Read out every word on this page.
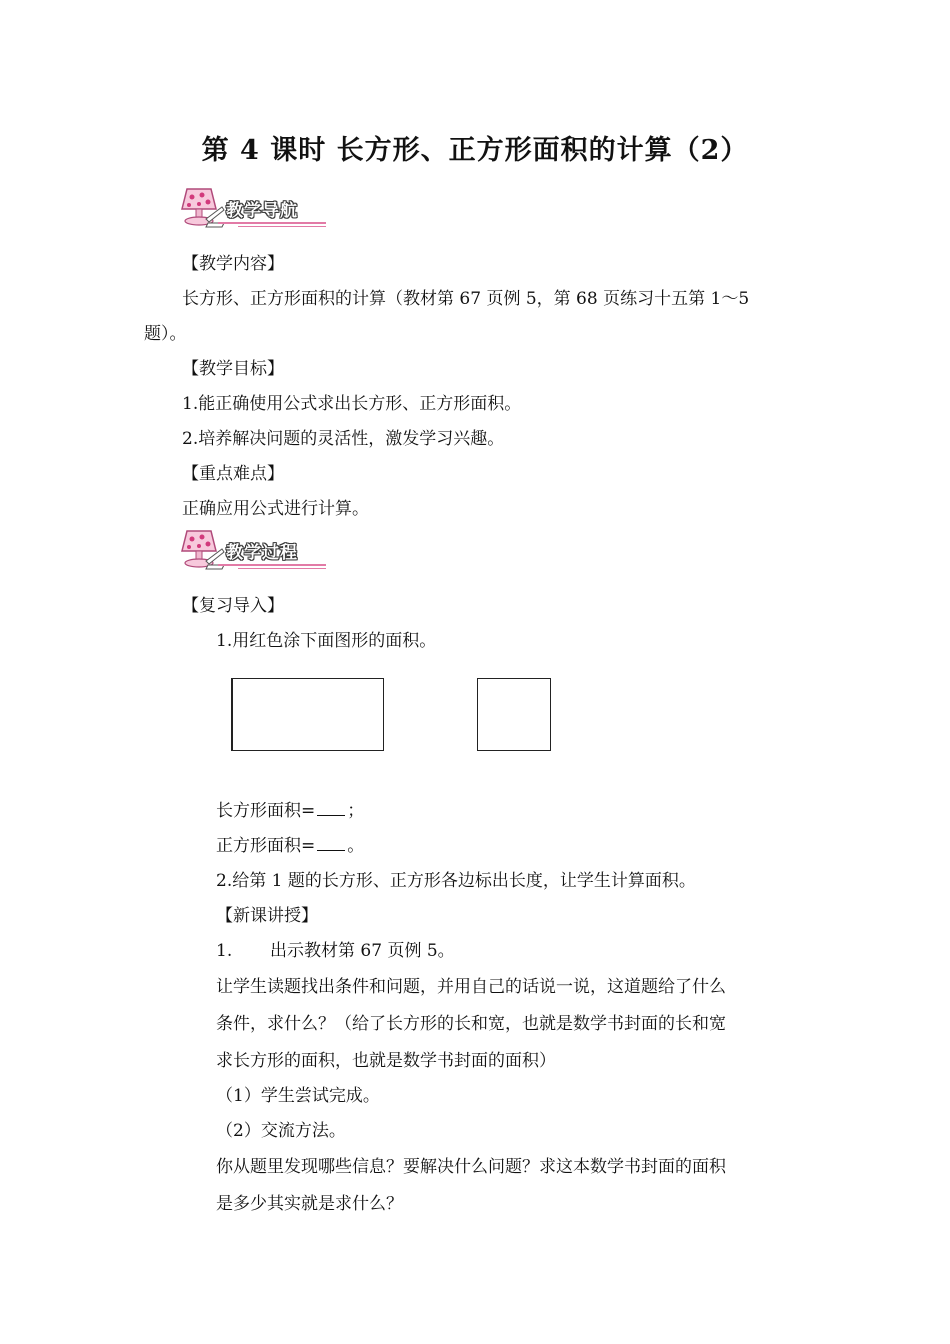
第 4 课时 长方形、正方形面积的计算（2）
教学导航
【教学内容】
长方形、正方形面积的计算（教材第 67 页例 5，第 68 页练习十五第 1～5
题）。
【教学目标】
1.能正确使用公式求出长方形、正方形面积。
2.培养解决问题的灵活性，激发学习兴趣。
【重点难点】
正确应用公式进行计算。
教学过程
【复习导入】
1.用红色涂下面图形的面积。
长方形面积= ；
正方形面积= 。
2.给第 1 题的长方形、正方形各边标出长度，让学生计算面积。
【新课讲授】
1. 出示教材第 67 页例 5。
让学生读题找出条件和问题，并用自己的话说一说，这道题给了什么
条件，求什么？（给了长方形的长和宽，也就是数学书封面的长和宽
求长方形的面积，也就是数学书封面的面积）
（1）学生尝试完成。
（2）交流方法。
你从题里发现哪些信息？要解决什么问题？求这本数学书封面的面积
是多少其实就是求什么？
